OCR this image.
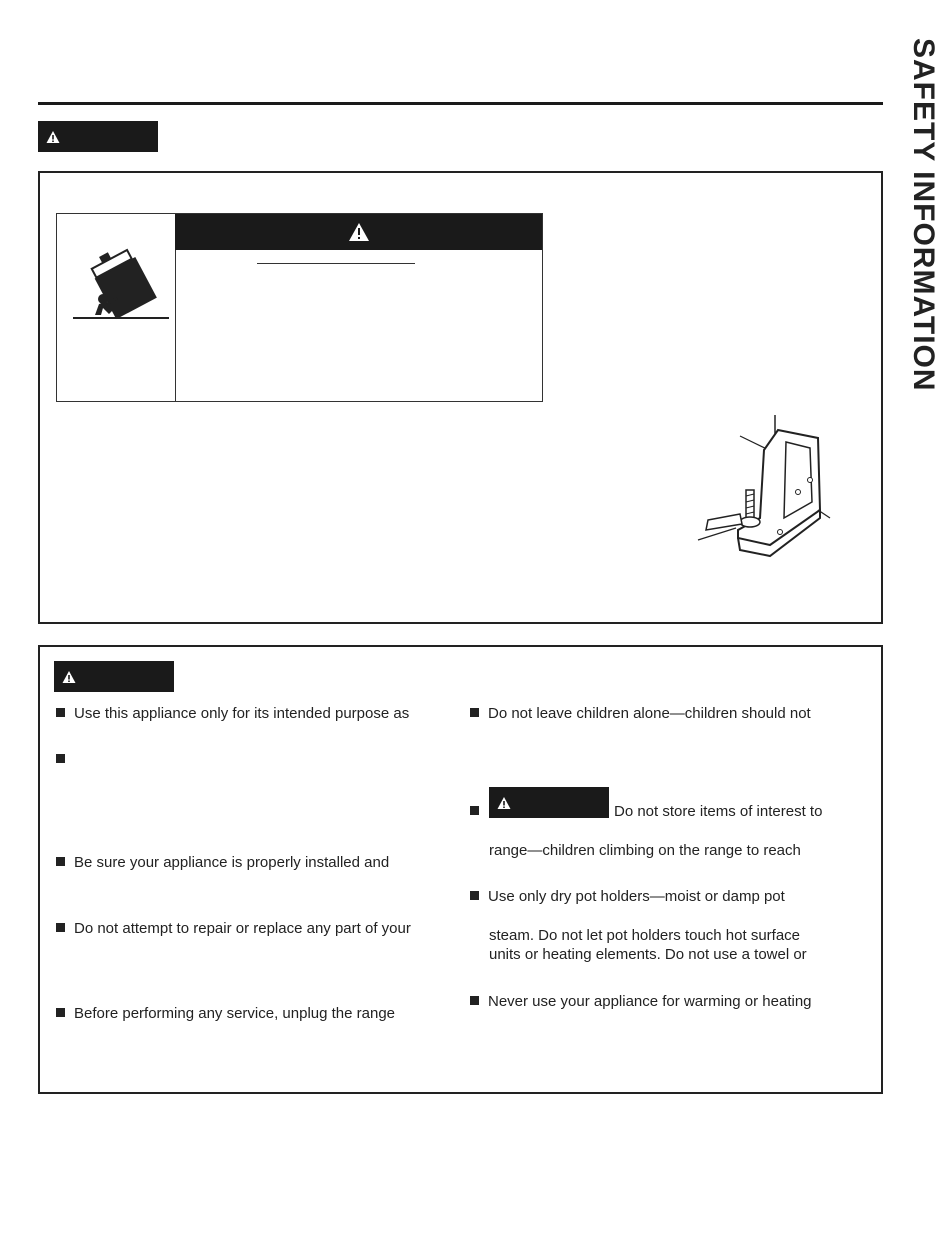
SAFETY INFORMATION
Use this appliance only for its intended purpose as
Be sure your appliance is properly installed and
Do not attempt to repair or replace any part of your
Before performing any service, unplug the range
Do not leave children alone—children should not
Do not store items of interest to
range—children climbing on the range to reach
Use only dry pot holders—moist or damp pot
steam. Do not let pot holders touch hot surface
units or heating elements. Do not use a towel or
Never use your appliance for warming or heating
